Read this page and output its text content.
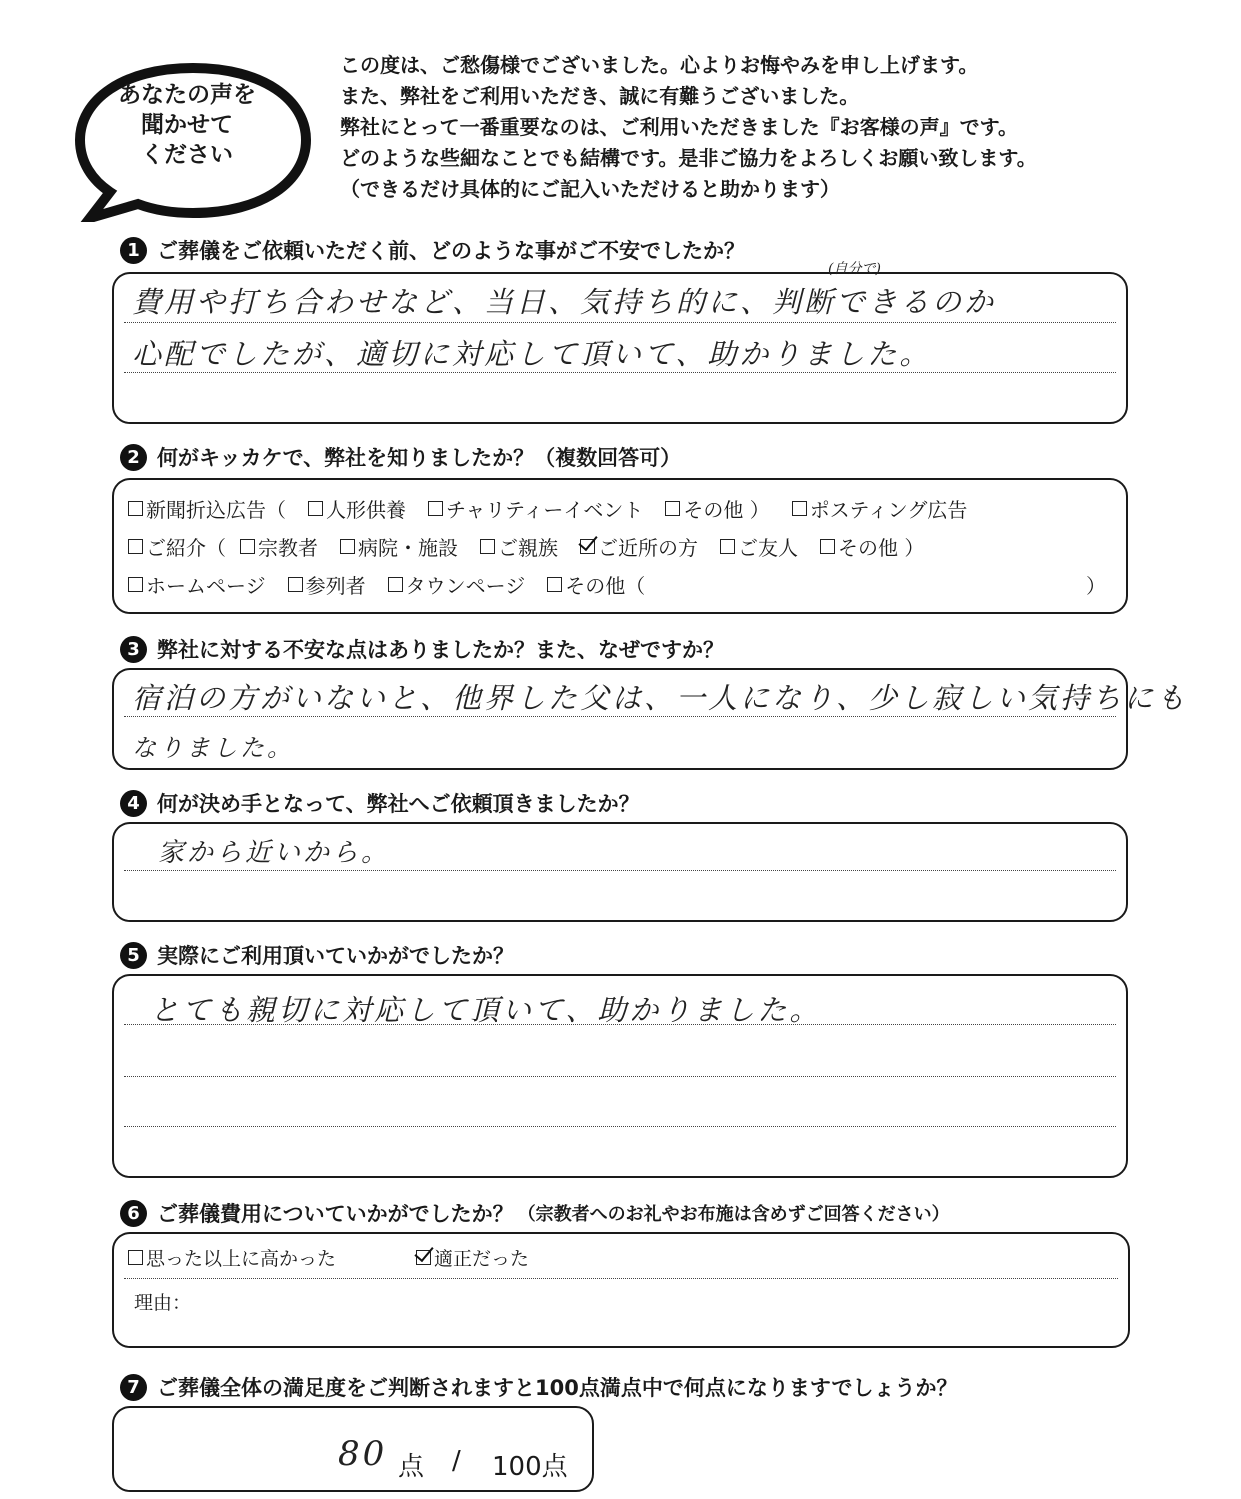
あなたの声を
聞かせて
ください
この度は、ご愁傷様でございました。心よりお悔やみを申し上げます。
また、弊社をご利用いただき、誠に有難うございました。
弊社にとって一番重要なのは、ご利用いただきました『お客様の声』です。
どのような些細なことでも結構です。是非ご協力をよろしくお願い致します。
（できるだけ具体的にご記入いただけると助かります）
1 ご葬儀をご依頼いただく前、どのような事がご不安でしたか？
(自分で)
費用や打ち合わせなど、当日、気持ち的に、判断できるのか
心配でしたが、適切に対応して頂いて、助かりました。
2 何がキッカケで、弊社を知りましたか？（複数回答可）
新聞折込広告（ 人形供養 チャリティーイベント その他 ） ポスティング広告
ご紹介（ 宗教者 病院・施設 ご親族 ご近所の方 ご友人 その他 ）
ホームページ 参列者 タウンページ その他（	）
3 弊社に対する不安な点はありましたか？また、なぜですか？
宿泊の方がいないと、他界した父は、一人になり、少し寂しい気持ちにも
なりました。
4 何が決め手となって、弊社へご依頼頂きましたか？
家から近いから。
5 実際にご利用頂いていかがでしたか？
とても親切に対応して頂いて、助かりました。
6 ご葬儀費用についていかがでしたか？ （宗教者へのお礼やお布施は含めずご回答ください）
思った以上に高かった	適正だった
理由：
7 ご葬儀全体の満足度をご判断されますと100点満点中で何点になりますでしょうか？
80 点 / 100点
